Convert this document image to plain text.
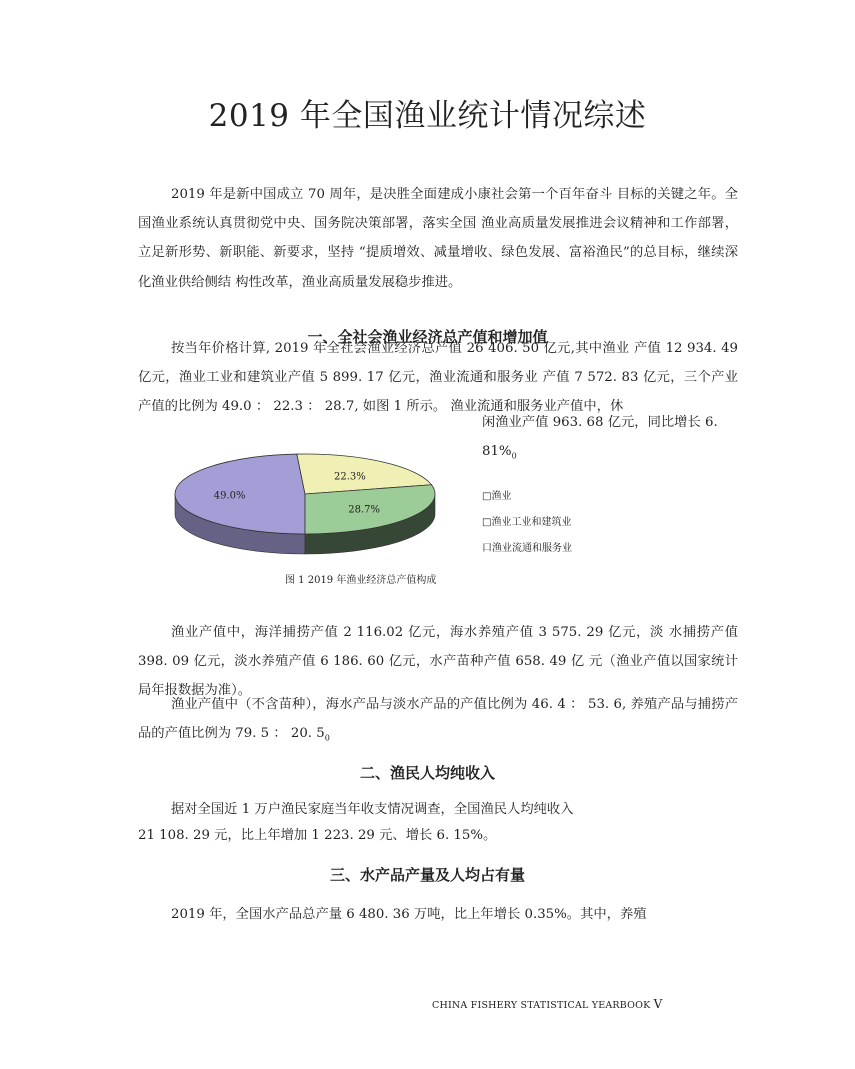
2019 年全国渔业统计情况综述

2019 年是新中国成立 70 周年，是决胜全面建成小康社会第一个百年奋斗 目标的关键之年。全国渔业系统认真贯彻党中央、国务院决策部署，落实全国 渔业高质量发展推进会议精神和工作部署，立足新形势、新职能、新要求，坚持 “提质增效、减量增收、绿色发展、富裕渔民”的总目标，继续深化渔业供给侧结 构性改革，渔业高质量发展稳步推进。

一、全社会渔业经济总产值和增加值

按当年价格计算, 2019 年全社会渔业经济总产值 26 406. 50 亿元,其中渔业 产值 12 934. 49 亿元，渔业工业和建筑业产值 5 899. 17 亿元，渔业流通和服务业 产值 7 572. 83 亿元，三个产业产值的比例为 49.0 ： 22.3 ： 28.7, 如图 1 所示。 渔业流通和服务业产值中，休

闲渔业产值 963. 68 亿元，同比增长 6. $81\%_0$

49.0%
22.3%
28.7%
□渔业
□渔业工业和建筑业
口渔业流通和服务业
图 1 2019 年渔业经济总产值构成

渔业产值中，海洋捕捞产值 2 116.02 亿元，海水养殖产值 3 575. 29 亿元，淡 水捕捞产值 398. 09 亿元，淡水养殖产值 6 186. 60 亿元，水产苗种产值 658. 49 亿 元（渔业产值以国家统计局年报数据为准）。

渔业产值中（不含苗种），海水产品与淡水产品的产值比例为 46. 4 ： 53. 6, 养殖产品与捕捞产品的产值比例为 79. 5 ： 20. $5_0$

二、渔民人均纯收入

据对全国近 1 万户渔民家庭当年收支情况调查，全国渔民人均纯收入

21 108. 29 元，比上年增加 1 223. 29 元、增长 6. 15%。

三、水产品产量及人均占有量

2019 年，全国水产品总产量 6 480. 36 万吨，比上年增长 0.35%。其中，养殖

CHINA FISHERY STATISTICAL YEARBOOK V
